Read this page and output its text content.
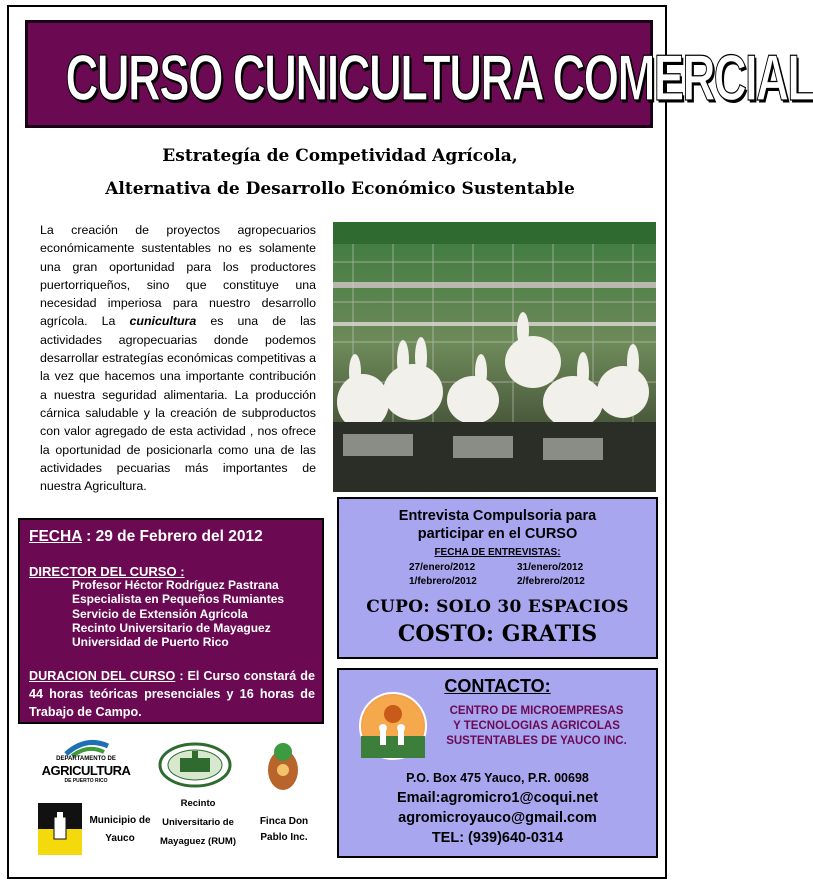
CURSO CUNICULTURA COMERCIAL
Estrategía de Competividad Agrícola,
Alternativa de Desarrollo Económico Sustentable
La creación de proyectos agropecuarios económicamente sustentables no es solamente una gran oportunidad para los productores puertorriqueños, sino que constituye una necesidad imperiosa para nuestro desarrollo agrícola. La cunicultura es una de las actividades agropecuarias donde podemos desarrollar estrategías económicas competitivas a la vez que hacemos una importante contribución a nuestra seguridad alimentaria. La producción cárnica saludable y la creación de subproductos con valor agregado de esta actividad , nos ofrece la oportunidad de posicionarla como una de las actividades pecuarias más importantes de nuestra Agricultura.
FECHA : 29 de Febrero del 2012
DIRECTOR DEL CURSO :
Profesor Héctor Rodríguez Pastrana
Especialista en Pequeños Rumiantes
Servicio de Extensión Agrícola
Recinto Universitario de Mayaguez
Universidad de Puerto Rico
DURACION DEL CURSO : El Curso constará de 44 horas teóricas presenciales y 16 horas de Trabajo de Campo.
Entrevista Compulsoria para
participar en el CURSO
FECHA DE ENTREVISTAS:
27/enero/2012
1/febrero/2012
31/enero/2012
2/febrero/2012
CUPO: SOLO 30 ESPACIOS
COSTO: GRATIS
CONTACTO:
CENTRO DE MICROEMPRESAS
Y TECNOLOGIAS AGRICOLAS
SUSTENTABLES DE YAUCO INC.
P.O. Box 475 Yauco, P.R. 00698
Email:agromicro1@coqui.net
agromicroyauco@gmail.com
TEL: (939)640-0314
DEPARTAMENTO DE
AGRICULTURA
DE PUERTO RICO
Recinto Universitario de Mayaguez (RUM)
Finca Don Pablo Inc.
Municipio de Yauco
